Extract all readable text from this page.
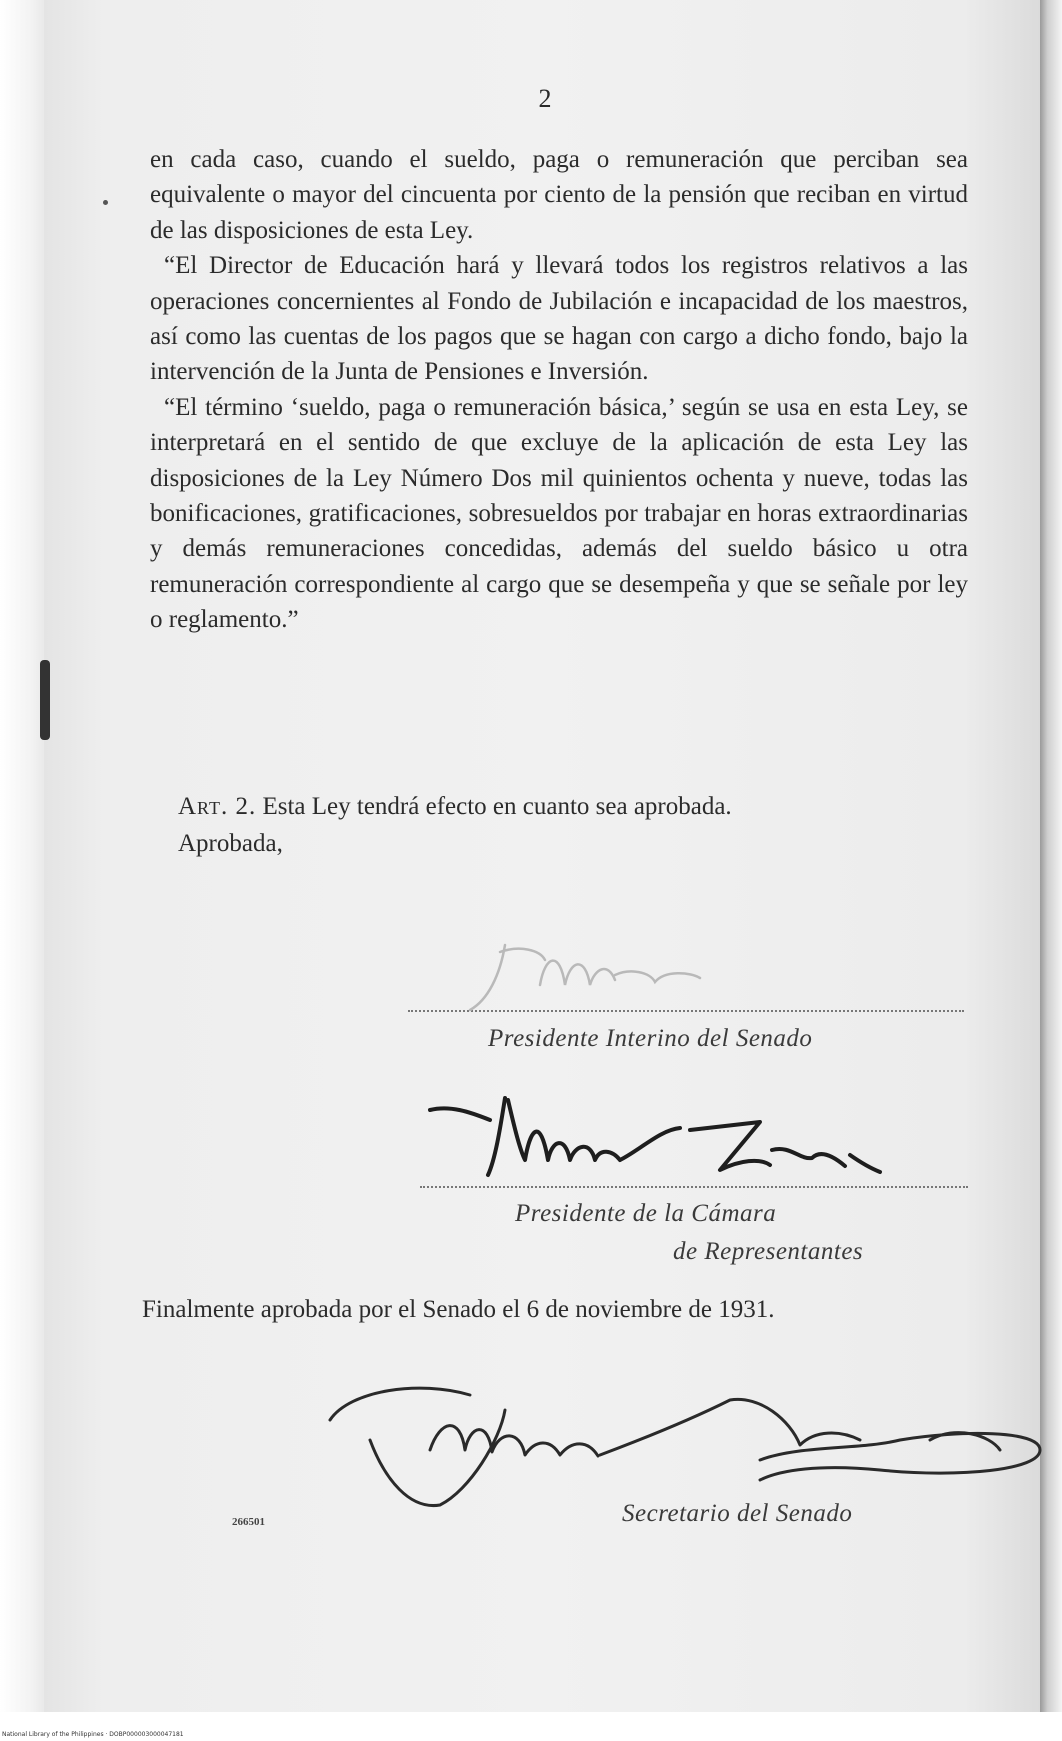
2

en cada caso, cuando el sueldo, paga o remuneración que perciban sea equivalente o mayor del cincuenta por ciento de la pensión que reciban en virtud de las disposiciones de esta Ley.

“El Director de Educación hará y llevará todos los registros relativos a las operaciones concernientes al Fondo de Jubilación e incapacidad de los maestros, así como las cuentas de los pagos que se hagan con cargo a dicho fondo, bajo la intervención de la Junta de Pensiones e Inversión.

“El término ‘sueldo, paga o remuneración básica,’ según se usa en esta Ley, se interpretará en el sentido de que excluye de la aplicación de esta Ley las disposiciones de la Ley Número Dos mil quinientos ochenta y nueve, todas las bonificaciones, gratificaciones, sobresueldos por trabajar en horas extraordinarias y demás remuneraciones concedidas, además del sueldo básico u otra remuneración correspondiente al cargo que se desempeña y que se señale por ley o reglamento.”

Art. 2. Esta Ley tendrá efecto en cuanto sea aprobada.
Aprobada,
Presidente Interino del Senado
Presidente de la Cámara
de Representantes
Finalmente aprobada por el Senado el 6 de noviembre de 1931.
266501	Secretario del Senado
National Library of the Philippines · DOBP000003000047181
